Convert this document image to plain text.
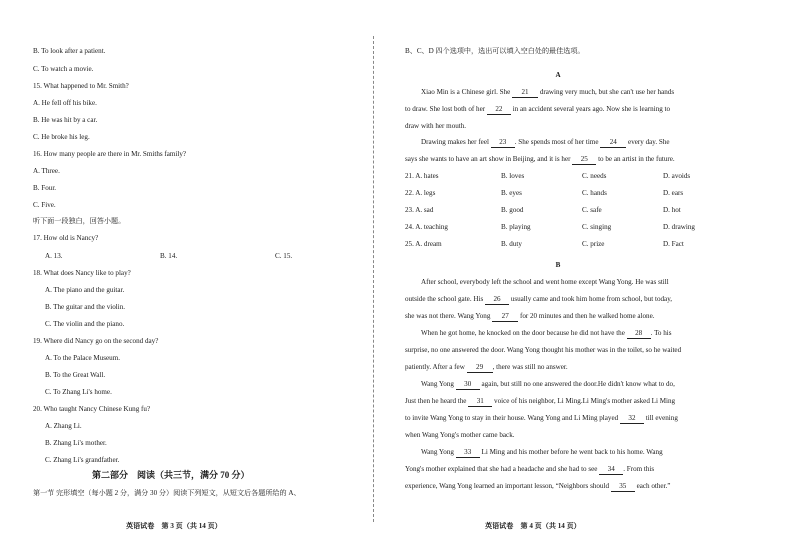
B. To look after a patient.
C. To watch a movie.
15. What happened to Mr. Smith?
A. He fell off his bike.
B. He was hit by a car.
C. He broke his leg.
16. How many people are there in Mr. Smiths family?
A. Three.
B. Four.
C. Five.
听下面一段独白，回答小题。
17. How old is Nancy?
A. 13.	B. 14.	C. 15.
18. What does Nancy like to play?
A. The piano and the guitar.
B. The guitar and the violin.
C. The violin and the piano.
19. Where did Nancy go on the second day?
A. To the Palace Museum.
B. To the Great Wall.
C. To Zhang Li's home.
20. Who taught Nancy Chinese Kung fu?
A. Zhang Li.
B. Zhang Li's mother.
C. Zhang Li's grandfather.
第二部分　阅读（共三节，满分 70 分）
第一节 完形填空（每小题 2 分，满分 30 分）阅读下列短文，从短文后各题所给的 A、
英语试卷　第 3 页（共 14 页）
B、C、D 四个选项中，选出可以填入空白处的最佳选项。
A
Xiao Min is a Chinese girl. She 21 drawing very much, but she can't use her hands
to draw. She lost both of her 22 in an accident several years ago. Now she is learning to
draw with her mouth.
Drawing makes her feel 23 . She spends most of her time 24 every day. She
says she wants to have an art show in Beijing, and it is her 25 to be an artist in the future.
21. A. hates	B. loves	C. needs	D. avoids
22. A. legs	B. eyes	C. hands	D. ears
23. A. sad	B. good	C. safe	D. hot
24. A. teaching	B. playing	C. singing	D. drawing
25. A. dream	B. duty	C. prize	D. Fact
B
After school, everybody left the school and went home except Wang Yong. He was still
outside the school gate. His 26 usually came and took him home from school, but today,
she was not there. Wang Yong 27 for 20 minutes and then he walked home alone.
When he got home, he knocked on the door because he did not have the 28 . To his
surprise, no one answered the door. Wang Yong thought his mother was in the toilet, so he waited
patiently. After a few 29 , there was still no answer.
Wang Yong 30 again, but still no one answered the door.He didn't know what to do,
Just then he heard the 31 voice of his neighbor, Li Ming.Li Ming's mother asked Li Ming
to invite Wang Yong to stay in their house. Wang Yong and Li Ming played 32 till evening
when Wang Yong's mother came back.
Wang Yong 33 Li Ming and his mother before he went back to his home. Wang
Yong's mother explained that she had a headache and she had to see 34 . From this
experience, Wang Yong learned an important lesson, “Neighbors should 35 each other.”
英语试卷　第 4 页（共 14 页）
